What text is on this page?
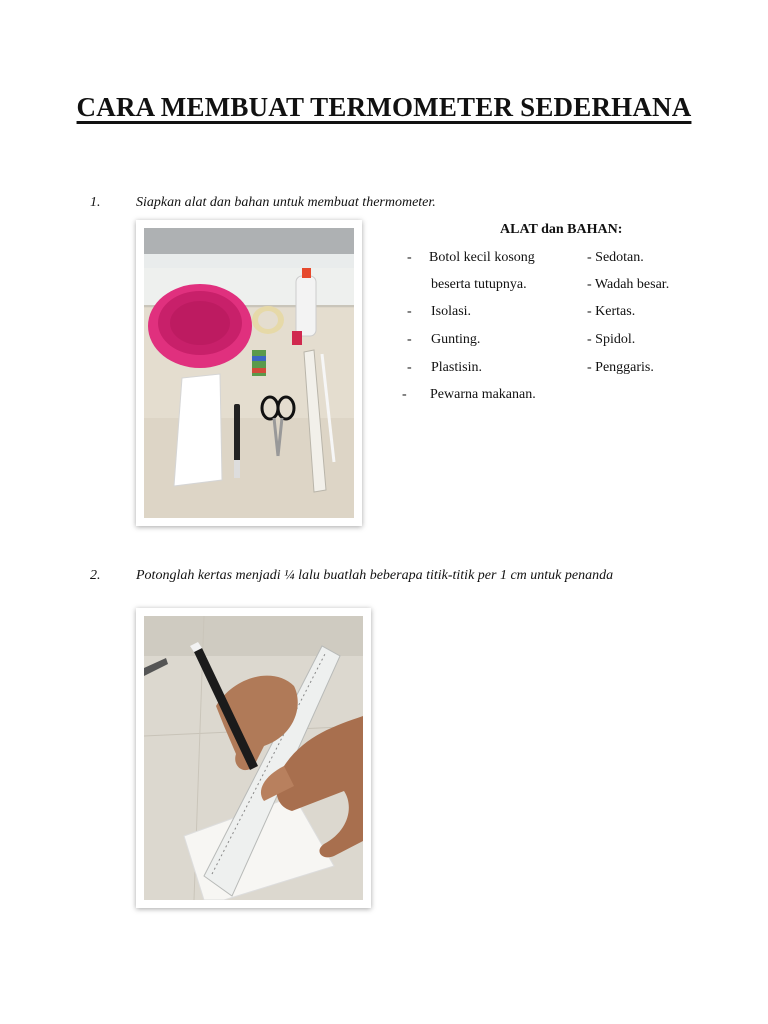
CARA MEMBUAT TERMOMETER SEDERHANA
1.	Siapkan alat dan bahan untuk membuat thermometer.
ALAT dan BAHAN:
- Botol kecil kosong
beserta tutupnya.
- Isolasi.
- Gunting.
- Plastisin.
- Pewarna makanan.
- Sedotan.
- Wadah besar.
- Kertas.
- Spidol.
- Penggaris.
2.	Potonglah kertas menjadi ¼ lalu buatlah beberapa titik-titik per 1 cm untuk penanda
